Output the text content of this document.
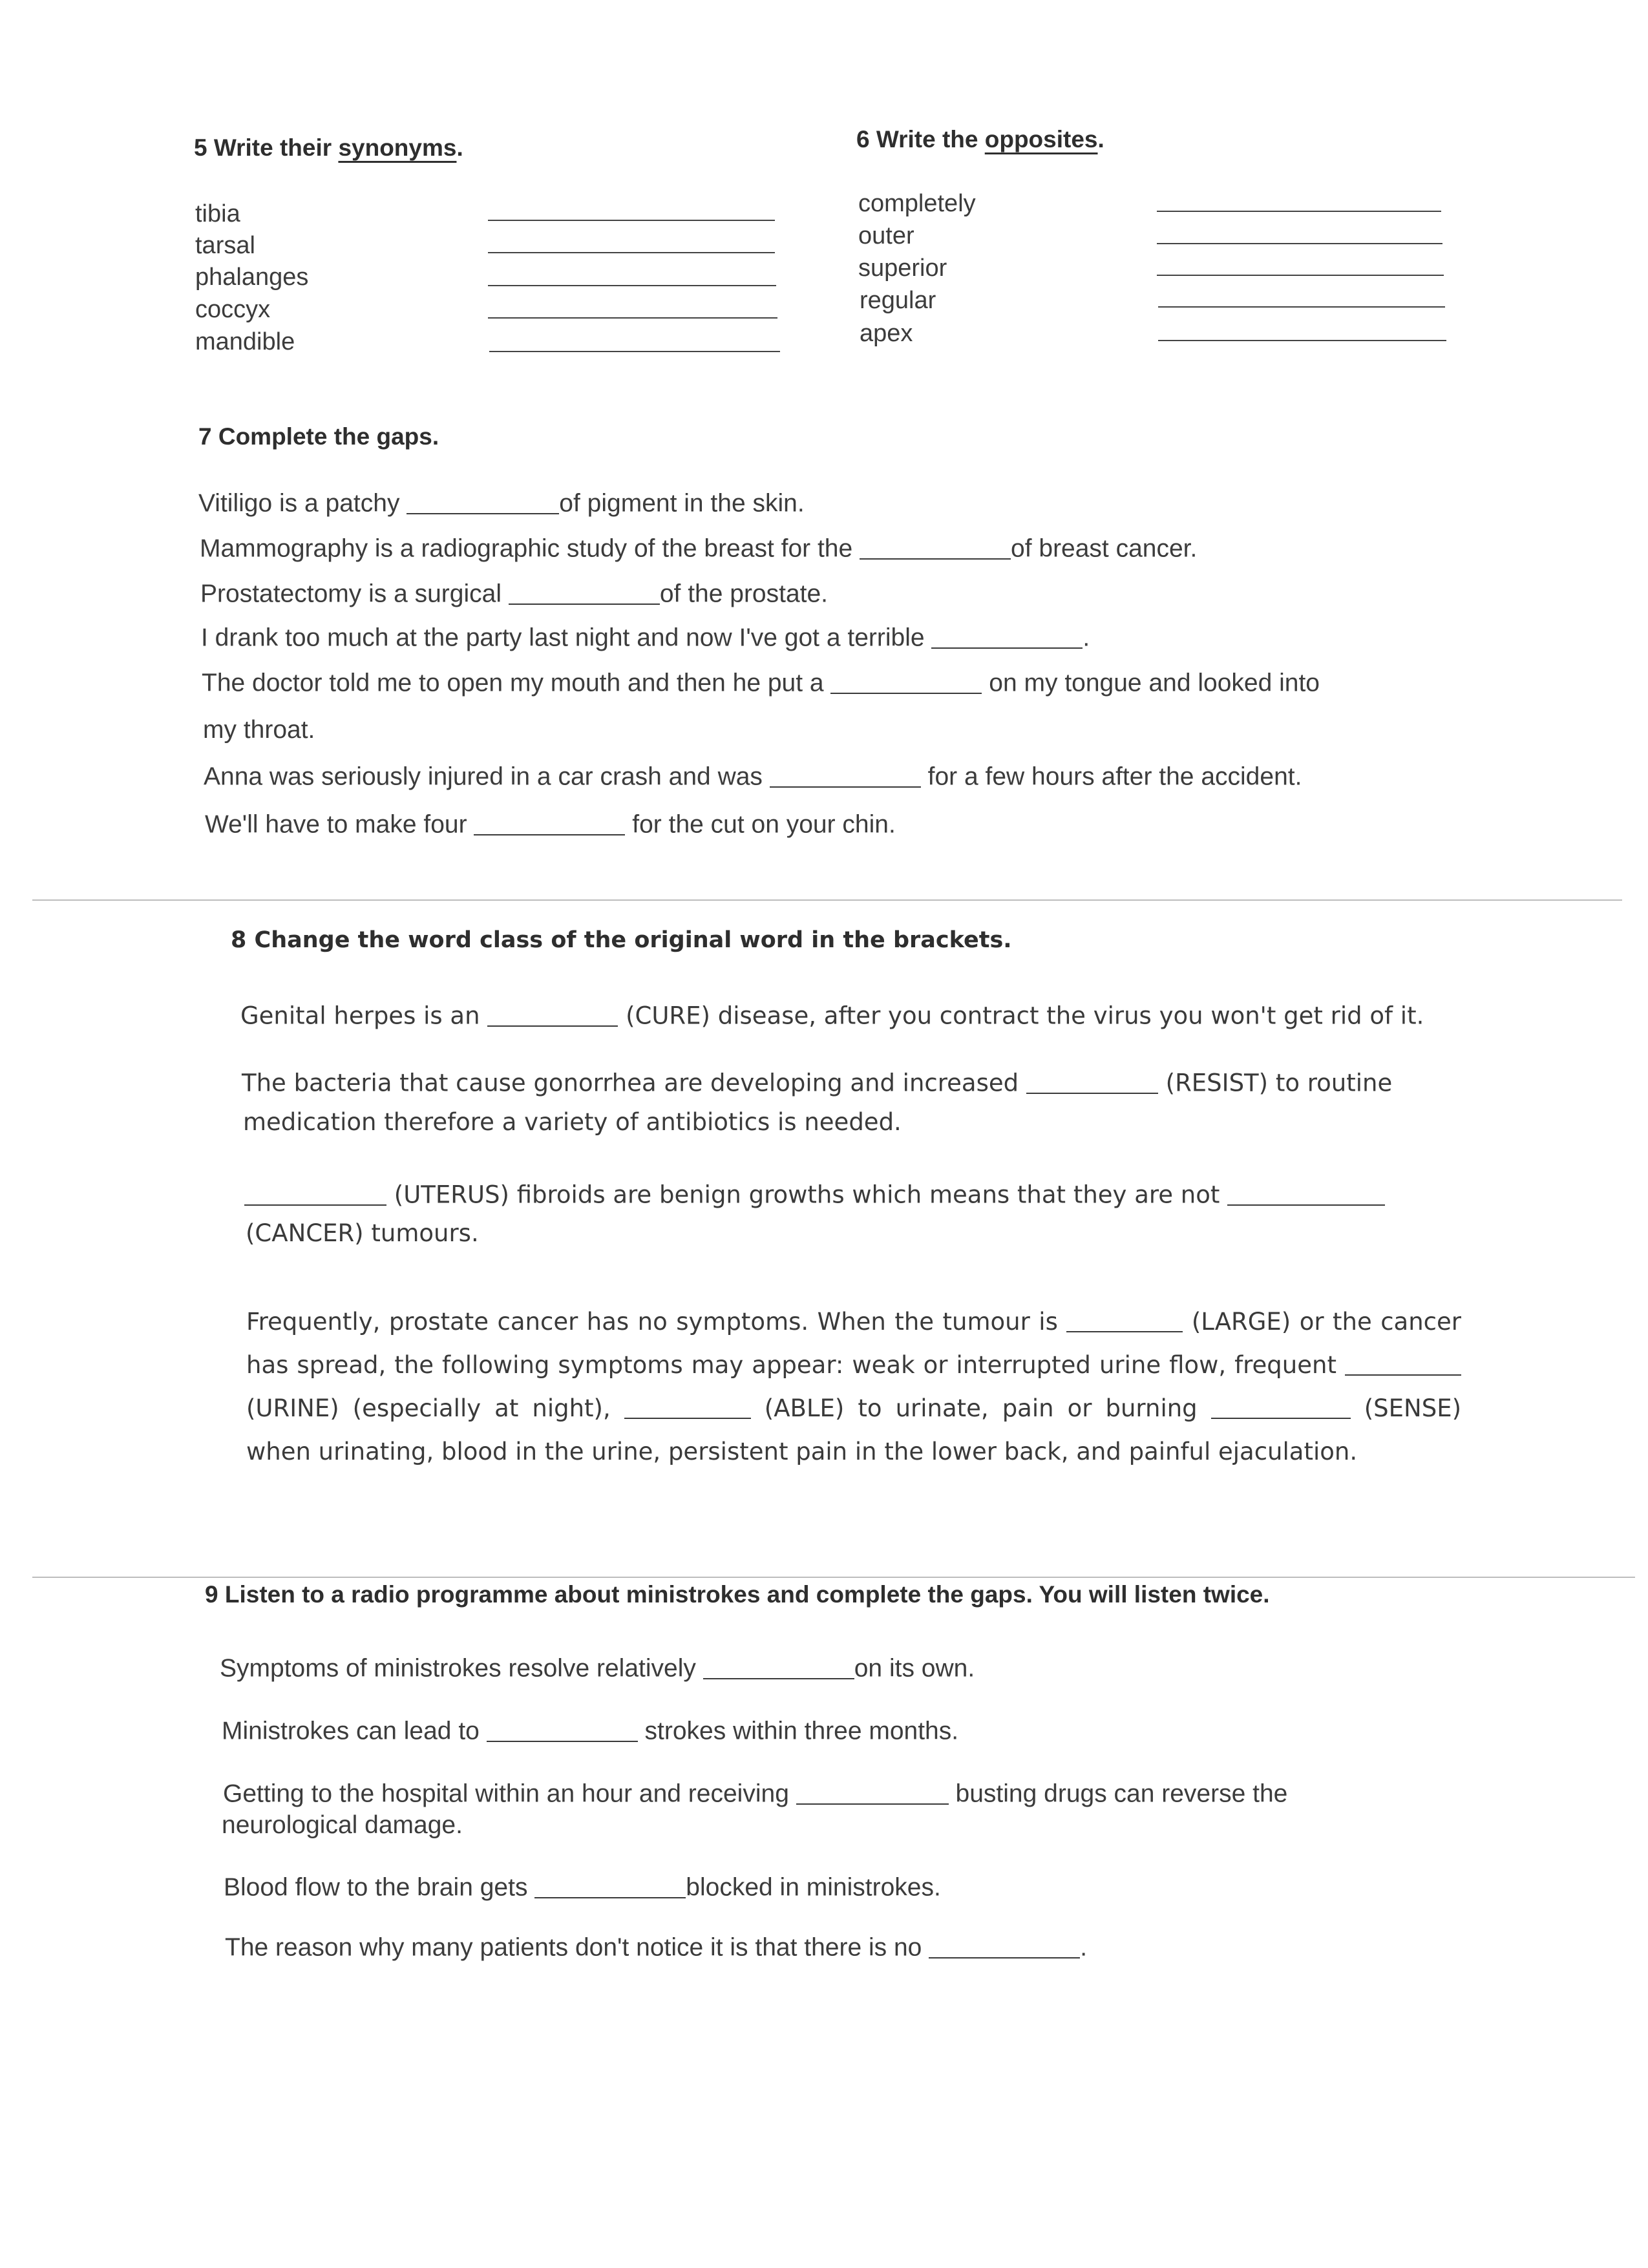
5 Write their synonyms.
tibia
tarsal
phalanges
coccyx
mandible
6 Write the opposites.
completely
outer
superior
regular
apex
7 Complete the gaps.
Vitiligo is a patchy	of pigment in the skin.
Mammography is a radiographic study of the breast for the	of breast cancer.
Prostatectomy is a surgical	of the prostate.
I drank too much at the party last night and now I've got a terrible	.
The doctor told me to open my mouth and then he put a	on my tongue and looked into
my throat.
Anna was seriously injured in a car crash and was	for a few hours after the accident.
We'll have to make four	for the cut on your chin.
8 Change the word class of the original word in the brackets.
Genital herpes is an	(CURE) disease, after you contract the virus you won't get rid of it.
The bacteria that cause gonorrhea are developing and increased	(RESIST) to routine
medication therefore a variety of antibiotics is needed.
(UTERUS) fibroids are benign growths which means that they are not
(CANCER) tumours.
Frequently, prostate cancer has no symptoms. When the tumour is	(LARGE) or the cancer has spread, the following symptoms may appear: weak or interrupted urine flow, frequent  (URINE) (especially at night),	(ABLE) to urinate, pain or burning	(SENSE) when urinating, blood in the urine, persistent pain in the lower back, and painful ejaculation.
9 Listen to a radio programme about ministrokes and complete the gaps. You will listen twice.
Symptoms of ministrokes resolve relatively	on its own.
Ministrokes can lead to	strokes within three months.
Getting to the hospital within an hour and receiving	busting drugs can reverse the
neurological damage.
Blood flow to the brain gets	blocked in ministrokes.
The reason why many patients don't notice it is that there is no	.
